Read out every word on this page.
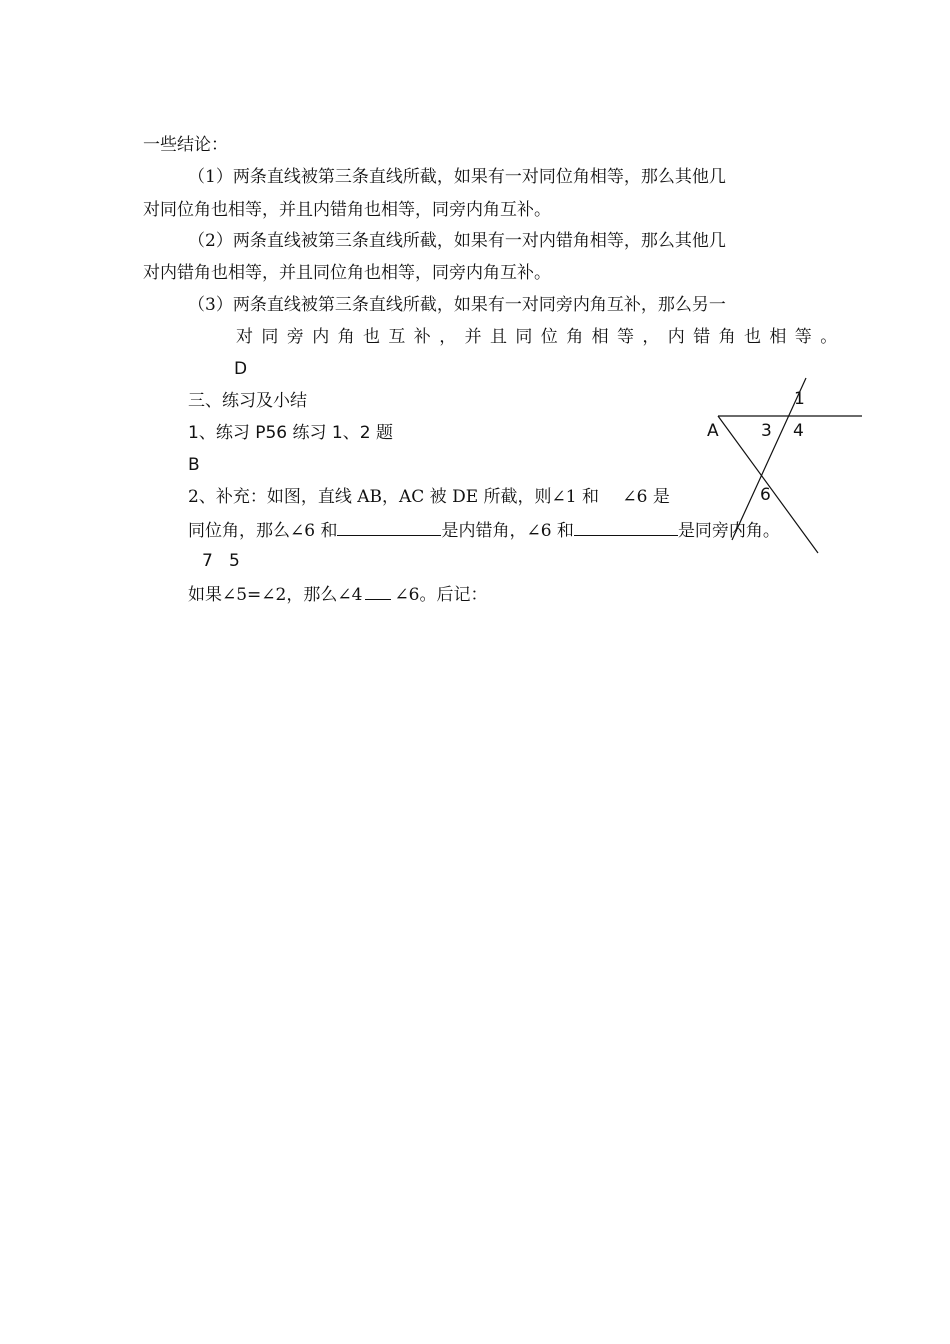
一些结论：
（1）两条直线被第三条直线所截，如果有一对同位角相等，那么其他几
对同位角也相等，并且内错角也相等，同旁内角互补。
（2）两条直线被第三条直线所截，如果有一对内错角相等，那么其他几
对内错角也相等，并且同位角也相等，同旁内角互补。
（3）两条直线被第三条直线所截，如果有一对同旁内角互补，那么另一
对同旁内角也互补，并且同位角相等，内错角也相等。
D
三、练习及小结
1、练习 P56 练习 1、2 题
B
2、补充：如图，直线 AB，AC 被 DE 所截，则∠1 和 ∠6 是
同位角，那么∠6 和	是内错角，∠6 和	是同旁内角。
7   5
如果∠5=∠2，那么∠4 ∠6。后记：
1
A 3 4
6
